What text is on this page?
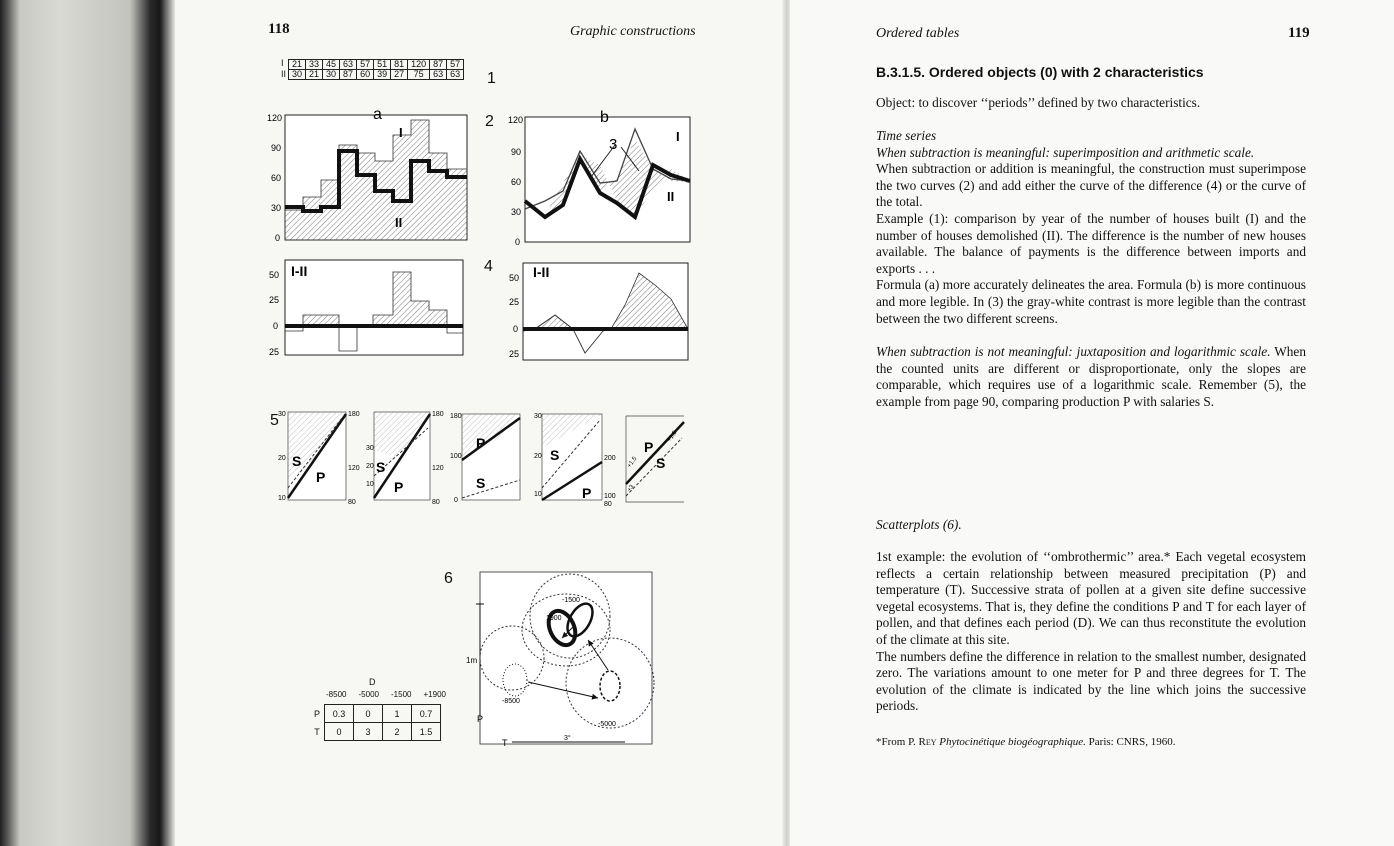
118	Graphic constructions
I
II
21	33	45	63	57	51	81	120	87	57
30	21	30	87	60	39	27	75	63	63 1
2
4
5
6
a
I
II
120
90
60
30
0
b
3	I
II
120
90
60
30
0
I-II
50
25
0
25
I-II
50
25
0
25
30
20
10
180
120
80
S
P
30
20
10
180
120
80
S
P
180
100
0
P
S
30
20
10
200
100
80
S
P
P
S
+1.5
+1.5
+3
D
-8500 -5000 -1500 +1900
P	0.3	0	1	0.7
T	0	3	2	1.5
P
1m
T	3°
-1500
1900
-8500
-5000
Ordered tables	119
B.3.1.5. Ordered objects (0) with 2 characteristics
Object: to discover ‘‘periods’’ defined by two characteristics.

Time series

When subtraction is meaningful: superimposition and arithmetic scale.

When subtraction or addition is meaningful, the construction must superimpose the two curves (2) and add either the curve of the difference (4) or the curve of the total.

Example (1): comparison by year of the number of houses built (I) and the number of houses demolished (II). The difference is the number of new houses available. The balance of payments is the difference between imports and exports . . .

Formula (a) more accurately delineates the area. Formula (b) is more continuous and more legible. In (3) the gray-white contrast is more legible than the contrast between the two different screens.

When subtraction is not meaningful: juxtaposition and logarithmic scale. When the counted units are different or disproportionate, only the slopes are comparable, which requires use of a logarithmic scale. Remember (5), the example from page 90, comparing production P with salaries S.

Scatterplots (6).

1st example: the evolution of ‘‘ombrothermic’’ area.* Each vegetal ecosystem reflects a certain relationship between measured precipitation (P) and temperature (T). Successive strata of pollen at a given site define successive vegetal ecosystems. That is, they define the conditions P and T for each layer of pollen, and that defines each period (D). We can thus reconstitute the evolution of the climate at this site.

The numbers define the difference in relation to the smallest number, designated zero. The variations amount to one meter for P and three degrees for T. The evolution of the climate is indicated by the line which joins the successive periods.

*From P. Rey Phytocinétique biogéographique. Paris: CNRS, 1960.
